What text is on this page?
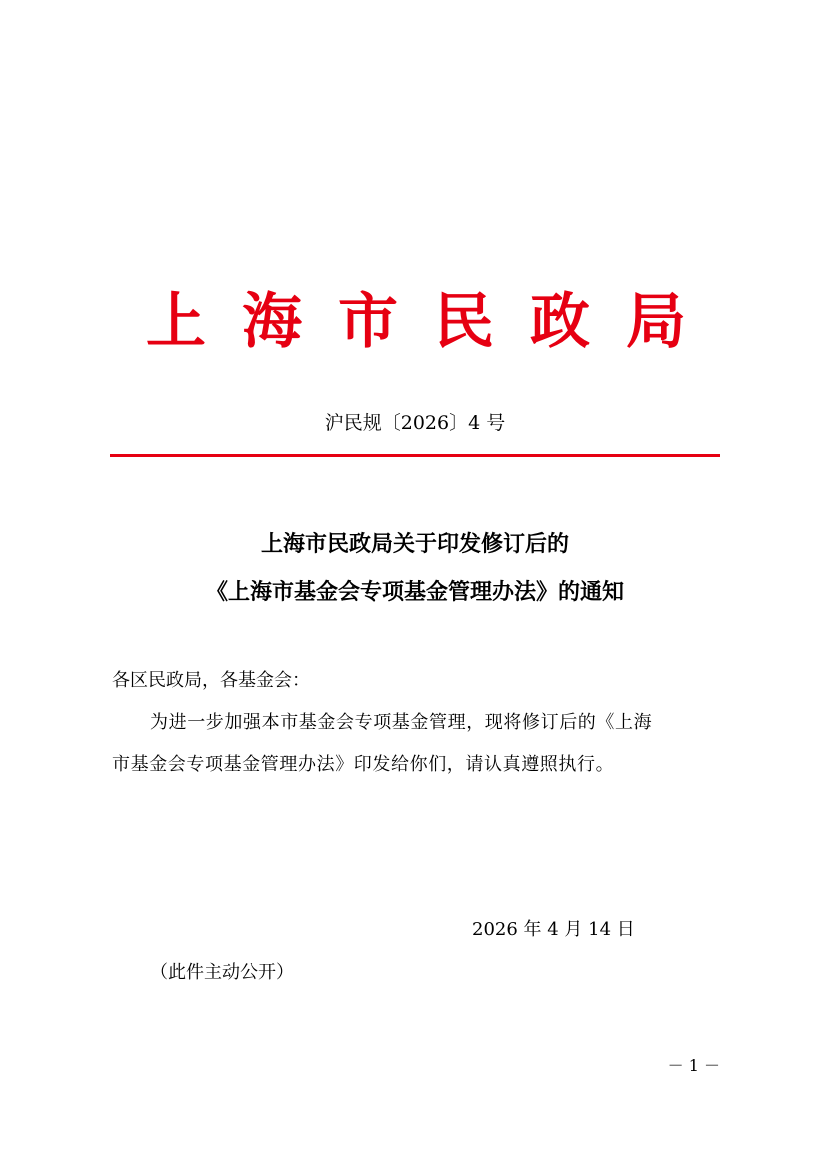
上海市民政局
沪民规〔2026〕4 号
上海市民政局关于印发修订后的
《上海市基金会专项基金管理办法》的通知
各区民政局，各基金会：
为进一步加强本市基金会专项基金管理，现将修订后的《上海
市基金会专项基金管理办法》印发给你们，请认真遵照执行。
2026 年 4 月 14 日
（此件主动公开）
－ 1 －
